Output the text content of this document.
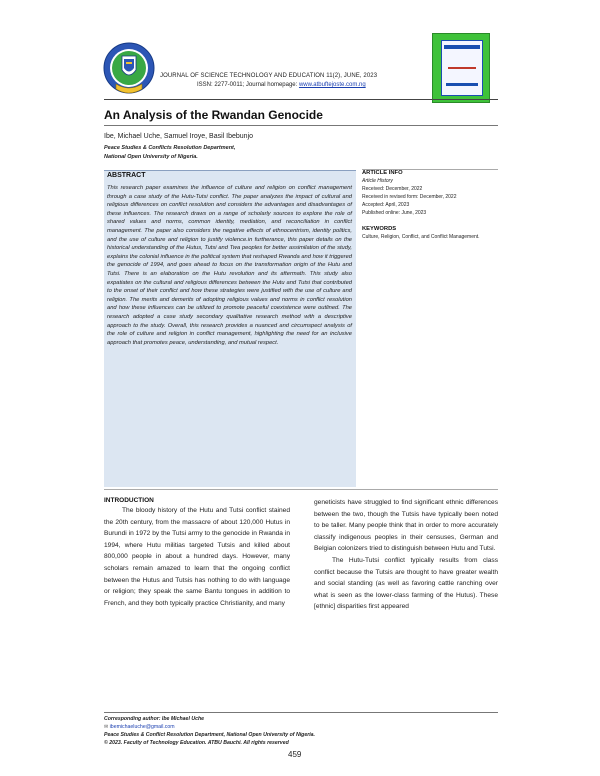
JOURNAL OF SCIENCE TECHNOLOGY AND EDUCATION 11(2), JUNE, 2023
ISSN: 2277-0011; Journal homepage: www.atbuftejoste.com.ng
An Analysis of the Rwandan Genocide
Ibe, Michael Uche, Samuel Iroye, Basil Ibebunjo
Peace Studies & Conflicts Resolution Department,
National Open University of Nigeria.
ABSTRACT

This research paper examines the influence of culture and religion on conflict management through a case study of the Hutu-Tutsi conflict. The paper analyzes the impact of cultural and religious differences on conflict resolution and considers the advantages and disadvantages of these influences. The research draws on a range of scholarly sources to explore the role of shared values and norms, common identity, mediation, and reconciliation in conflict management. The paper also considers the negative effects of ethnocentrism, identity politics, and the use of culture and religion to justify violence.in furtherance, this paper details on the historical understanding of the Hutus, Tutsi and Twa peoples for better assimilation of the study, explains the colonial influence in the political system that reshaped Rwanda and how it triggered the genocide of 1994, and goes ahead to focus on the transformation origin of the Hutu and Tutsi. There is an elaboration on the Hutu revolution and its aftermath. This study also expatiates on the cultural and religious differences between the Hutu and Tutsi that contributed to the onset of their conflict and how these strategies were justified with the use of culture and religion. The merits and demerits of adopting religious values and norms in conflict resolution and how these influences can be utilized to promote peaceful coexistence were outlined. The research adopted a case study secondary qualitative research method with a descriptive approach to the study. Overall, this research provides a nuanced and circumspect analysis of the role of culture and religion in conflict management, highlighting the need for an inclusive approach that promotes peace, understanding, and mutual respect.

ARTICLE INFO

Article History

Received: December, 2022

Received in revised form: December, 2022

Accepted: April, 2023

Published online: June, 2023

KEYWORDS

Culture, Religion, Conflict, and Conflict Management.

INTRODUCTION

The bloody history of the Hutu and Tutsi conflict stained the 20th century, from the massacre of about 120,000 Hutus in Burundi in 1972 by the Tutsi army to the genocide in Rwanda in 1994, where Hutu militias targeted Tutsis and killed about 800,000 people in about a hundred days. However, many scholars remain amazed to learn that the ongoing conflict between the Hutus and Tutsis has nothing to do with language or religion; they speak the same Bantu tongues in addition to French, and they both typically practice Christianity, and many

geneticists have struggled to find significant ethnic differences between the two, though the Tutsis have typically been noted to be taller. Many people think that in order to more accurately classify indigenous peoples in their censuses, German and Belgian colonizers tried to distinguish between Hutu and Tutsi.

The Hutu-Tutsi conflict typically results from class conflict because the Tutsis are thought to have greater wealth and social standing (as well as favoring cattle ranching over what is seen as the lower-class farming of the Hutus). These [ethnic] disparities first appeared

Corresponding author: Ibe Michael Uche
✉ ibemichaeluche@gmail.com
Peace Studies & Conflict Resolution Department, National Open University of Nigeria.
© 2023. Faculty of Technology Education. ATBU Bauchi. All rights reserved
459
